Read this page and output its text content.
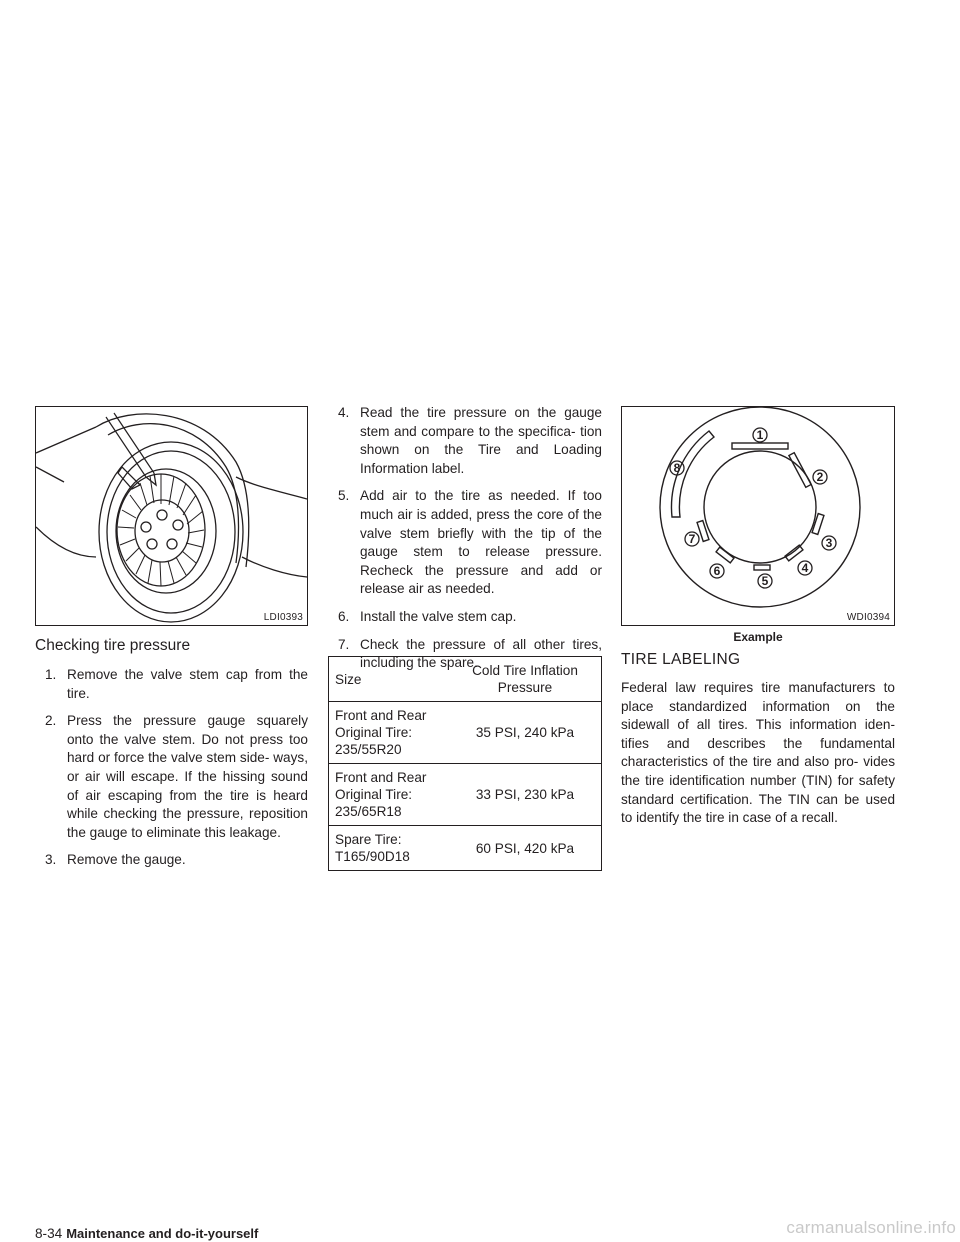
LDI0393
Checking tire pressure
1. Remove the valve stem cap from the tire.
2. Press the pressure gauge squarely onto the valve stem. Do not press too hard or force the valve stem side- ways, or air will escape. If the hissing sound of air escaping from the tire is heard while checking the pressure, reposition the gauge to eliminate this leakage.
3. Remove the gauge.
4. Read the tire pressure on the gauge stem and compare to the specifica- tion shown on the Tire and Loading Information label.
5. Add air to the tire as needed. If too much air is added, press the core of the valve stem briefly with the tip of the gauge stem to release pressure. Recheck the pressure and add or release air as needed.
6. Install the valve stem cap.
7. Check the pressure of all other tires, including the spare.
Size	Cold Tire Inflation Pressure
Front and Rear Original Tire: 235/55R20	35 PSI, 240 kPa
Front and Rear Original Tire: 235/65R18	33 PSI, 230 kPa
Spare Tire: T165/90D18	60 PSI, 420 kPa
1
2
3
4
5
6
7
8
WDI0394
Example
TIRE LABELING

Federal law requires tire manufacturers to place standardized information on the sidewall of all tires. This information iden- tifies and describes the fundamental characteristics of the tire and also pro- vides the tire identification number (TIN) for safety standard certification. The TIN can be used to identify the tire in case of a recall.

8-34 Maintenance and do-it-yourself	carmanualsonline.info
